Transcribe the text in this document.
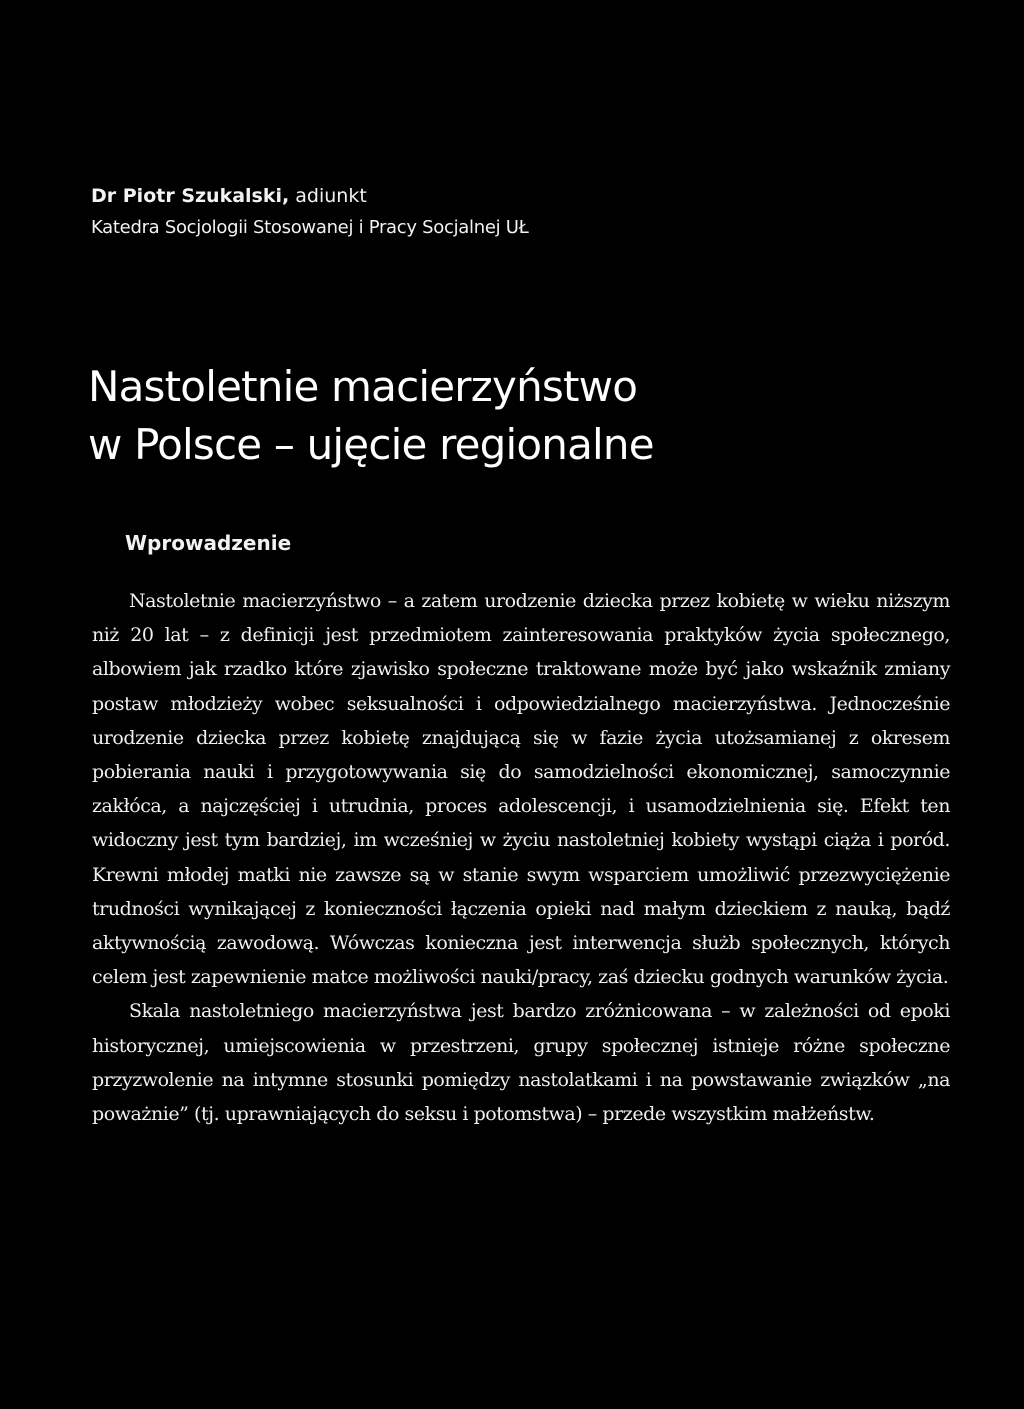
Dr Piotr Szukalski, adiunkt
Katedra Socjologii Stosowanej i Pracy Socjalnej UŁ
Nastoletnie macierzyństwo
w Polsce – ujęcie regionalne
Wprowadzenie

Nastoletnie macierzyństwo – a zatem urodzenie dziecka przez kobietę w wieku niższym niż 20 lat – z definicji jest przedmiotem zainteresowania praktyków życia społecznego, albowiem jak rzadko które zjawisko społeczne traktowane może być jako wskaźnik zmiany postaw młodzieży wobec seksualności i odpowiedzialnego macierzyństwa. Jednocześnie urodzenie dziecka przez kobietę znajdującą się w fazie życia utożsamianej z okresem pobierania nauki i przygotowywania się do samodzielności ekonomicznej, samoczynnie zakłóca, a najczęściej i utrudnia, proces adolescencji, i usamodzielnienia się. Efekt ten widoczny jest tym bardziej, im wcześniej w życiu nastoletniej kobiety wystąpi ciąża i poród. Krewni młodej matki nie zawsze są w stanie swym wsparciem umożliwić przezwyciężenie trudności wynikającej z konieczności łączenia opieki nad małym dzieckiem z nauką, bądź aktywnością zawodową. Wówczas konieczna jest interwencja służb społecznych, których celem jest zapewnienie matce możliwości nauki/pracy, zaś dziecku godnych warunków życia.

Skala nastoletniego macierzyństwa jest bardzo zróżnicowana – w zależności od epoki historycznej, umiejscowienia w przestrzeni, grupy społecznej istnieje różne społeczne przyzwolenie na intymne stosunki pomiędzy nastolatkami i na powstawanie związków „na poważnie” (tj. uprawniających do seksu i potomstwa) – przede wszystkim małżeństw.
